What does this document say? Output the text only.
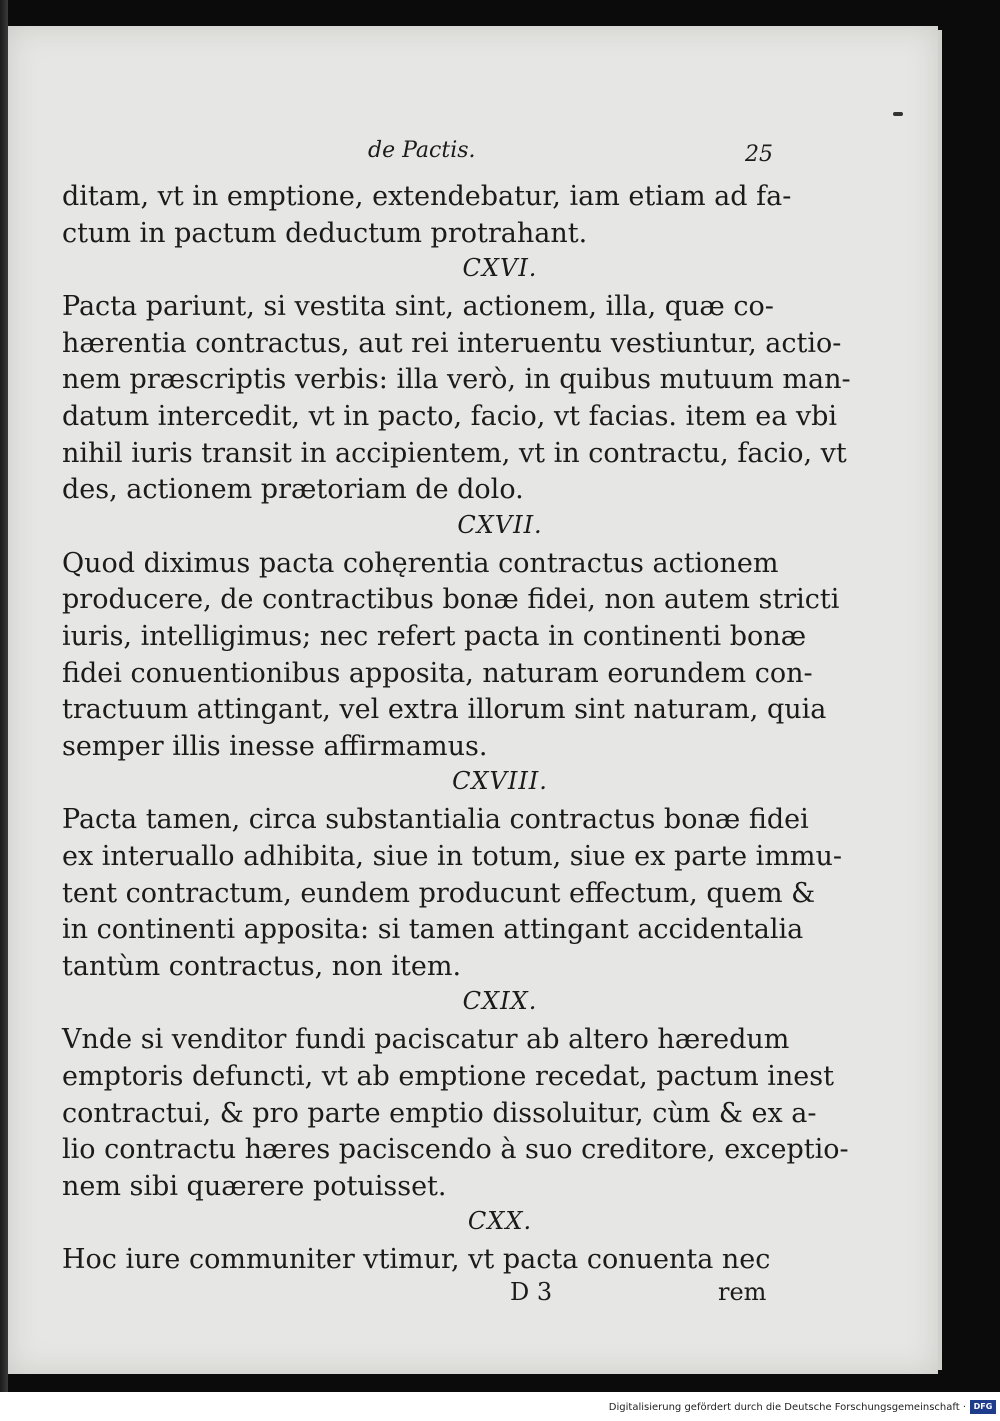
de Pactis.	25
ditam, vt in emptione, extendebatur, iam etiam ad fa-
ctum in pactum deductum protrahant.
CXVI.
Pacta pariunt, si vestita sint, actionem, illa, quæ co-
hærentia contractus, aut rei interuentu vestiuntur, actio-
nem præscriptis verbis: illa verò, in quibus mutuum man-
datum intercedit, vt in pacto, facio, vt facias. item ea vbi
nihil iuris transit in accipientem, vt in contractu, facio, vt
des, actionem prætoriam de dolo.
CXVII.
Quod diximus pacta cohęrentia contractus actionem
producere, de contractibus bonæ fidei, non autem stricti
iuris, intelligimus; nec refert pacta in continenti bonæ
fidei conuentionibus apposita, naturam eorundem con-
tractuum attingant, vel extra illorum sint naturam, quia
semper illis inesse affirmamus.
CXVIII.
Pacta tamen, circa substantialia contractus bonæ fidei
ex interuallo adhibita, siue in totum, siue ex parte immu-
tent contractum, eundem producunt effectum, quem &
in continenti apposita: si tamen attingant accidentalia
tantùm contractus, non item.
CXIX.
Vnde si venditor fundi paciscatur ab altero hæredum
emptoris defuncti, vt ab emptione recedat, pactum inest
contractui, & pro parte emptio dissoluitur, cùm & ex a-
lio contractu hæres paciscendo à suo creditore, exceptio-
nem sibi quærere potuisset.
CXX.
Hoc iure communiter vtimur, vt pacta conuenta nec
D 3	rem
Digitalisierung gefördert durch die Deutsche Forschungsgemeinschaft · DFG
